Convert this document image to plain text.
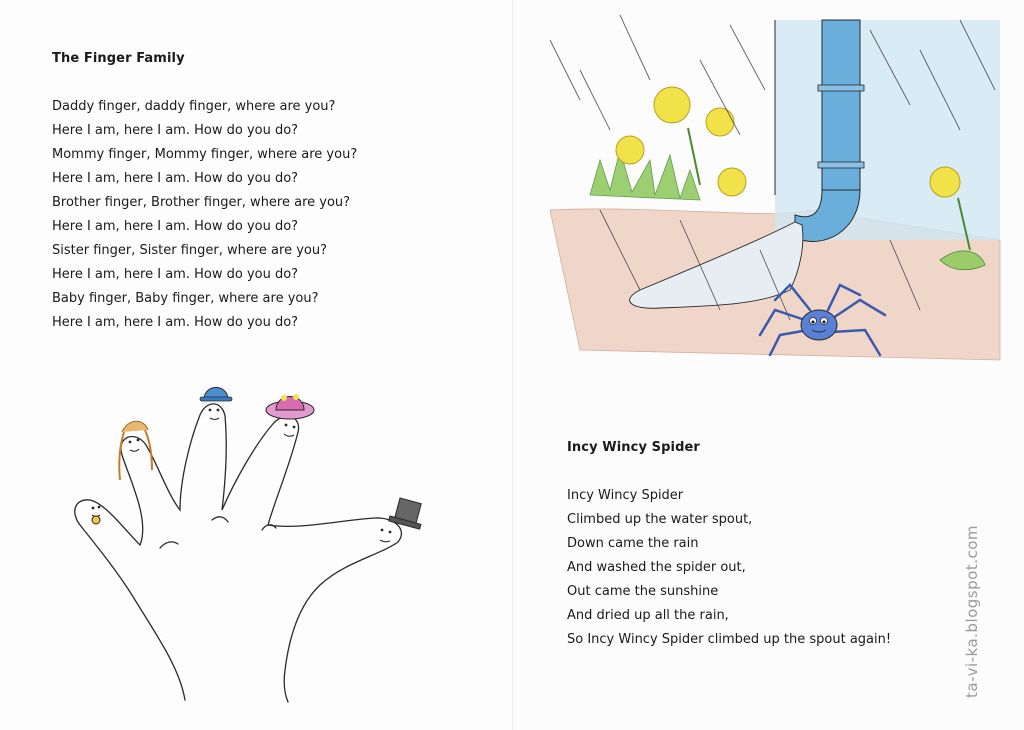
The Finger Family
Daddy finger, daddy finger, where are you?
Here I am, here I am. How do you do?
Mommy finger, Mommy finger, where are you?
Here I am, here I am. How do you do?
Brother finger, Brother finger, where are you?
Here I am, here I am. How do you do?
Sister finger, Sister finger, where are you?
Here I am, here I am. How do you do?
Baby finger, Baby finger, where are you?
Here I am, here I am. How do you do?
Incy Wincy Spider
Incy Wincy Spider
Climbed up the water spout,
Down came the rain
And washed the spider out,
Out came the sunshine
And dried up all the rain,
So Incy Wincy Spider climbed up the spout again!	ta-vi-ka.blogspot.com
